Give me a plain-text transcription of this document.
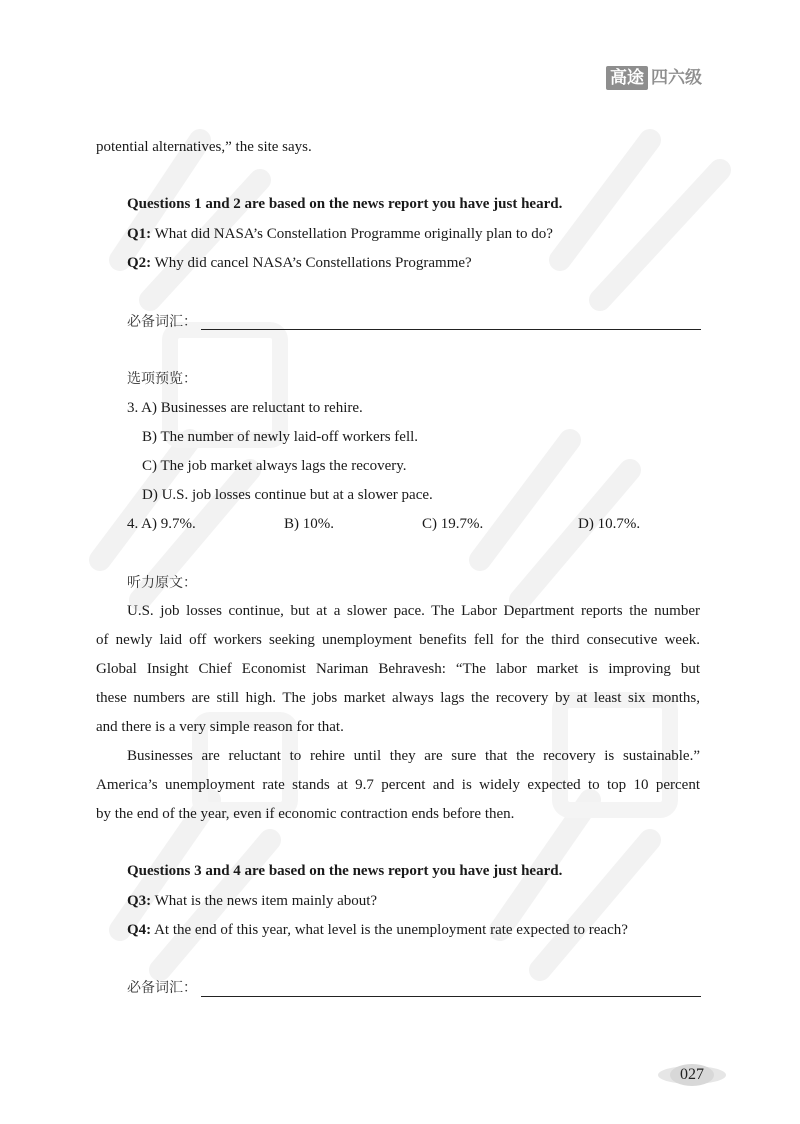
高途 四六级
potential alternatives,” the site says.
Questions 1 and 2 are based on the news report you have just heard.
Q1: What did NASA’s Constellation Programme originally plan to do?
Q2: Why did cancel NASA’s Constellations Programme?
必备词汇：
选项预览：
3. A) Businesses are reluctant to rehire.
B) The number of newly laid-off workers fell.
C) The job market always lags the recovery.
D) U.S. job losses continue but at a slower pace.
4. A) 9.7%.	B) 10%.	C) 19.7%.	D) 10.7%.
听力原文：
U.S. job losses continue, but at a slower pace. The Labor Department reports the number
of newly laid off workers seeking unemployment benefits fell for the third consecutive week.
Global Insight Chief Economist Nariman Behravesh: “The labor market is improving but
these numbers are still high. The jobs market always lags the recovery by at least six months,
and there is a very simple reason for that.
Businesses are reluctant to rehire until they are sure that the recovery is sustainable.”
America’s unemployment rate stands at 9.7 percent and is widely expected to top 10 percent
by the end of the year, even if economic contraction ends before then.
Questions 3 and 4 are based on the news report you have just heard.
Q3: What is the news item mainly about?
Q4: At the end of this year, what level is the unemployment rate expected to reach?
必备词汇：
027
